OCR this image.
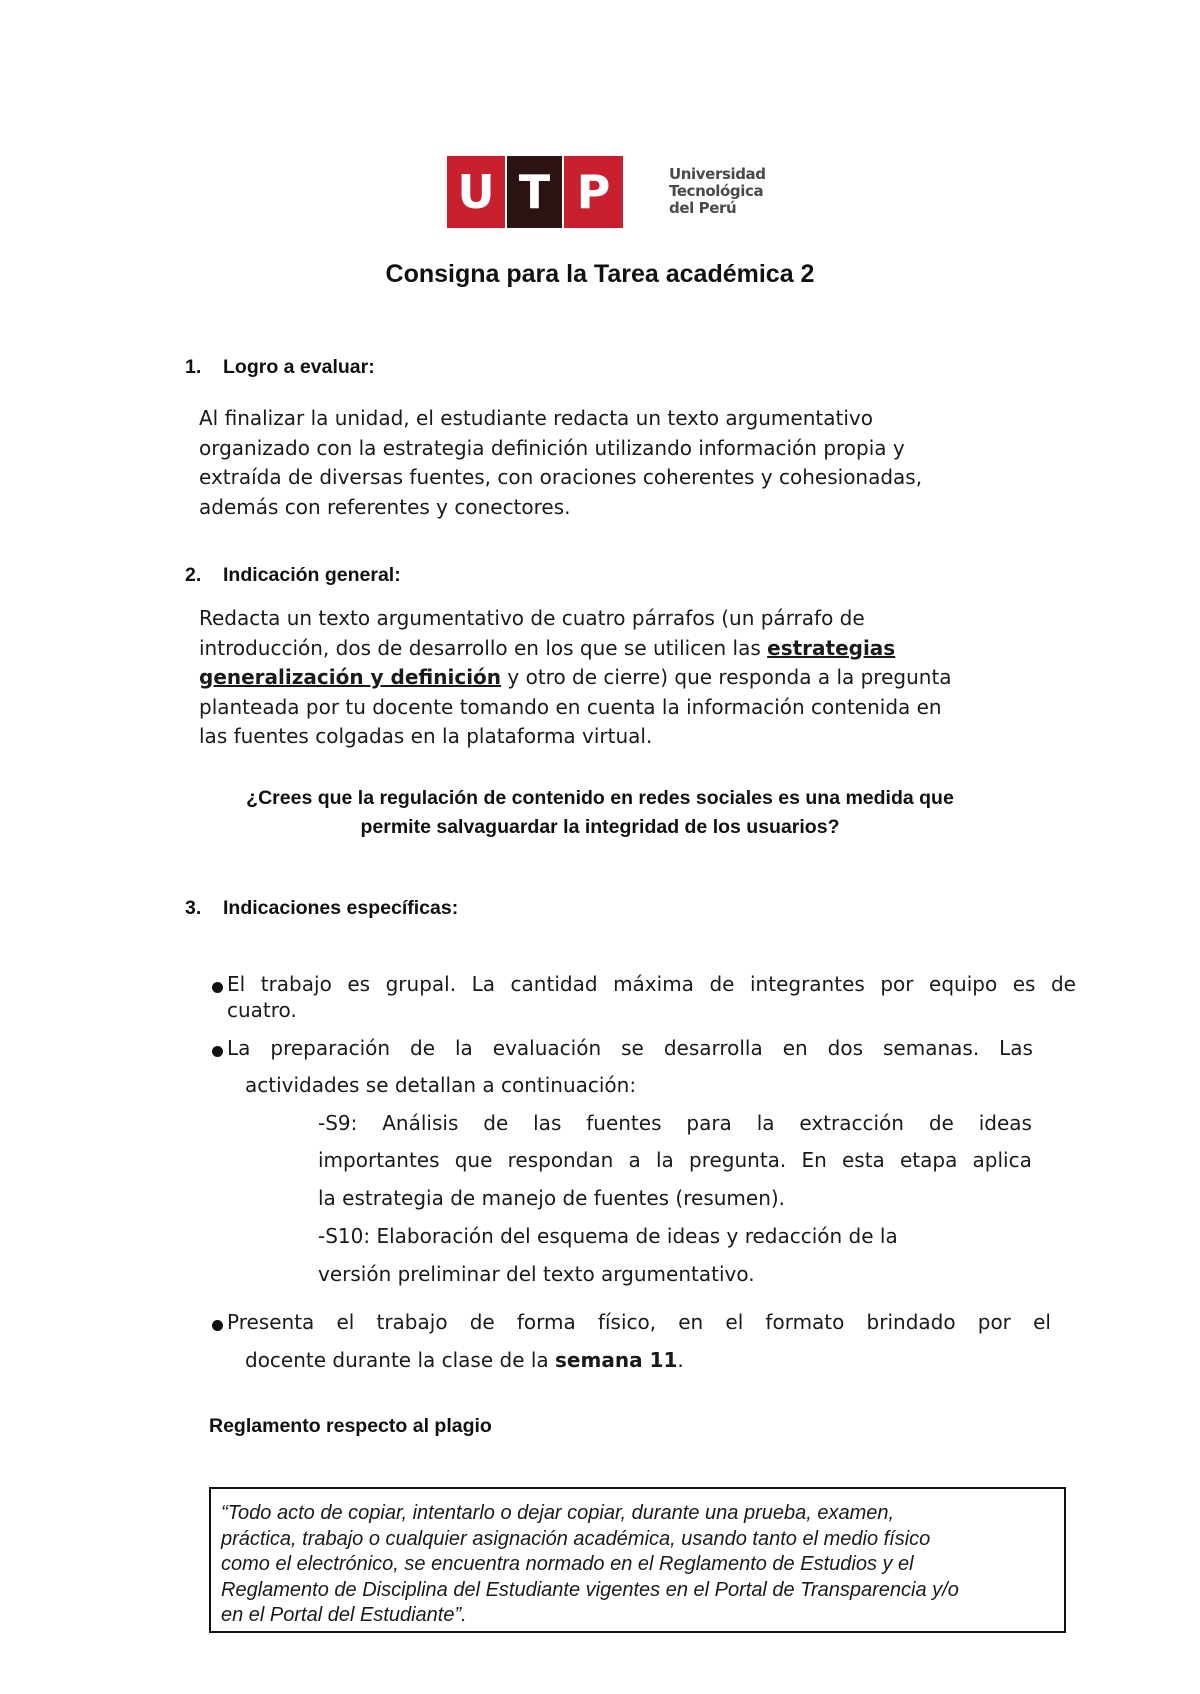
U T P	Universidad
Tecnológica
del Perú
Consigna para la Tarea académica 2
1. Logro a evaluar:
Al finalizar la unidad, el estudiante redacta un texto argumentativo
organizado con la estrategia definición utilizando información propia y
extraída de diversas fuentes, con oraciones coherentes y cohesionadas,
además con referentes y conectores.
2. Indicación general:
Redacta un texto argumentativo de cuatro párrafos (un párrafo de
introducción, dos de desarrollo en los que se utilicen las estrategias
generalización y definición y otro de cierre) que responda a la pregunta
planteada por tu docente tomando en cuenta la información contenida en
las fuentes colgadas en la plataforma virtual.
¿Crees que la regulación de contenido en redes sociales es una medida que
permite salvaguardar la integridad de los usuarios?
3. Indicaciones específicas:
El trabajo es grupal. La cantidad máxima de integrantes por equipo es de
cuatro.
La preparación de la evaluación se desarrolla en dos semanas. Las
actividades se detallan a continuación:
-S9: Análisis de las fuentes para la extracción de ideas
importantes que respondan a la pregunta. En esta etapa aplica
la estrategia de manejo de fuentes (resumen).
-S10: Elaboración del esquema de ideas y redacción de la
versión preliminar del texto argumentativo.
Presenta el trabajo de forma físico, en el formato brindado por el
docente durante la clase de la semana 11.
Reglamento respecto al plagio
“Todo acto de copiar, intentarlo o dejar copiar, durante una prueba, examen,
práctica, trabajo o cualquier asignación académica, usando tanto el medio físico
como el electrónico, se encuentra normado en el Reglamento de Estudios y el
Reglamento de Disciplina del Estudiante vigentes en el Portal de Transparencia y/o
en el Portal del Estudiante”.
